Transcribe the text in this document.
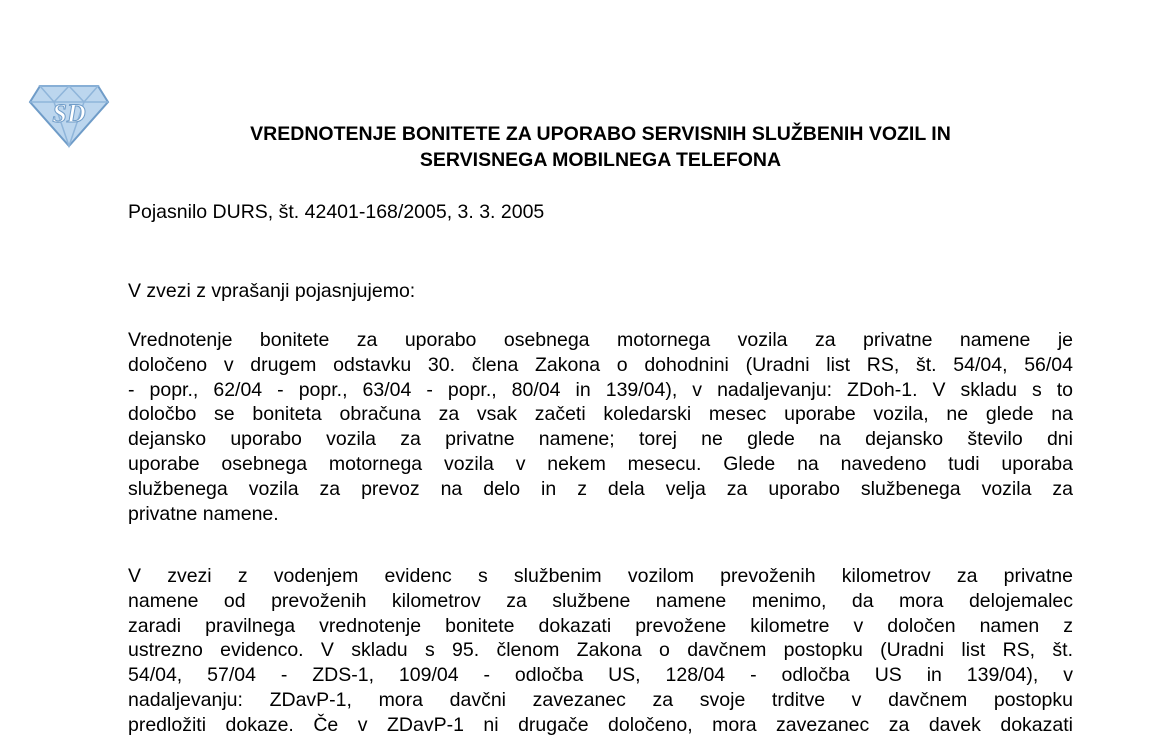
SD
VREDNOTENJE BONITETE ZA UPORABO SERVISNIH SLUŽBENIH VOZIL IN
SERVISNEGA MOBILNEGA TELEFONA
Pojasnilo DURS, št. 42401-168/2005, 3. 3. 2005
V zvezi z vprašanji pojasnjujemo:
Vrednotenje bonitete za uporabo osebnega motornega vozila za privatne namene je
določeno v drugem odstavku 30. člena Zakona o dohodnini (Uradni list RS, št. 54/04, 56/04
- popr., 62/04 - popr., 63/04 - popr., 80/04 in 139/04), v nadaljevanju: ZDoh-1. V skladu s to
določbo se boniteta obračuna za vsak začeti koledarski mesec uporabe vozila, ne glede na
dejansko uporabo vozila za privatne namene; torej ne glede na dejansko število dni
uporabe osebnega motornega vozila v nekem mesecu. Glede na navedeno tudi uporaba
službenega vozila za prevoz na delo in z dela velja za uporabo službenega vozila za
privatne namene.
V zvezi z vodenjem evidenc s službenim vozilom prevoženih kilometrov za privatne
namene od prevoženih kilometrov za službene namene menimo, da mora delojemalec
zaradi pravilnega vrednotenje bonitete dokazati prevožene kilometre v določen namen z
ustrezno evidenco. V skladu s 95. členom Zakona o davčnem postopku (Uradni list RS, št.
54/04, 57/04 - ZDS-1, 109/04 - odločba US, 128/04 - odločba US in 139/04), v
nadaljevanju: ZDavP-1, mora davčni zavezanec za svoje trditve v davčnem postopku
predložiti dokaze. Če v ZDavP-1 ni drugače določeno, mora zavezanec za davek dokazati
